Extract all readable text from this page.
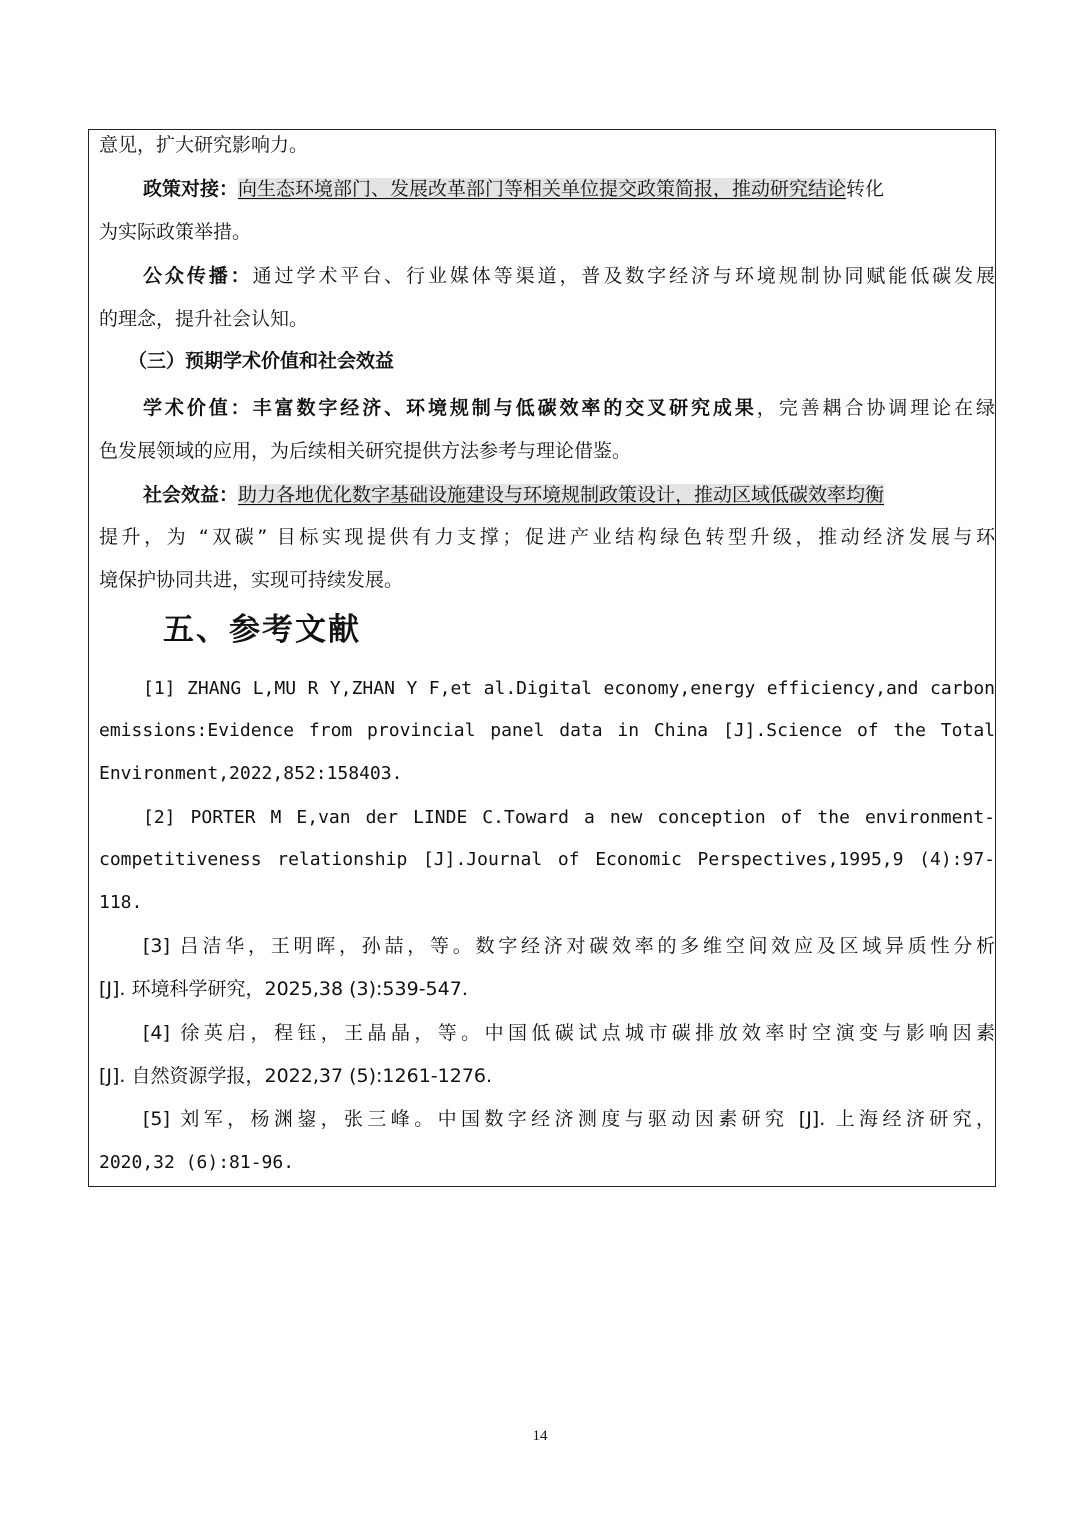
意见，扩大研究影响力。
政策对接：向生态环境部门、发展改革部门等相关单位提交政策简报，推动研究结论转化
为实际政策举措。
公众传播：通过学术平台、行业媒体等渠道，普及数字经济与环境规制协同赋能低碳发展
的理念，提升社会认知。
（三）预期学术价值和社会效益
学术价值：丰富数字经济、环境规制与低碳效率的交叉研究成果，完善耦合协调理论在绿
色发展领域的应用，为后续相关研究提供方法参考与理论借鉴。
社会效益：助力各地优化数字基础设施建设与环境规制政策设计，推动区域低碳效率均衡
提升，为 “双碳” 目标实现提供有力支撑；促进产业结构绿色转型升级，推动经济发展与环
境保护协同共进，实现可持续发展。
五、参考文献
[1] ZHANG L,MU R Y,ZHAN Y F,et al.Digital economy,energy efficiency,and carbon
emissions:Evidence from provincial panel data in China [J].Science of the Total
Environment,2022,852:158403.
[2] PORTER M E,van der LINDE C.Toward a new conception of the environment-
competitiveness relationship [J].Journal of Economic Perspectives,1995,9 (4):97-
118.
[3] 吕洁华，王明晖，孙喆，等。数字经济对碳效率的多维空间效应及区域异质性分析
[J]. 环境科学研究，2025,38 (3):539-547.
[4] 徐英启，程钰，王晶晶，等。中国低碳试点城市碳排放效率时空演变与影响因素
[J]. 自然资源学报，2022,37 (5):1261-1276.
[5] 刘军，杨渊鋆，张三峰。中国数字经济测度与驱动因素研究 [J]. 上海经济研究，
2020,32 (6):81-96.
14
